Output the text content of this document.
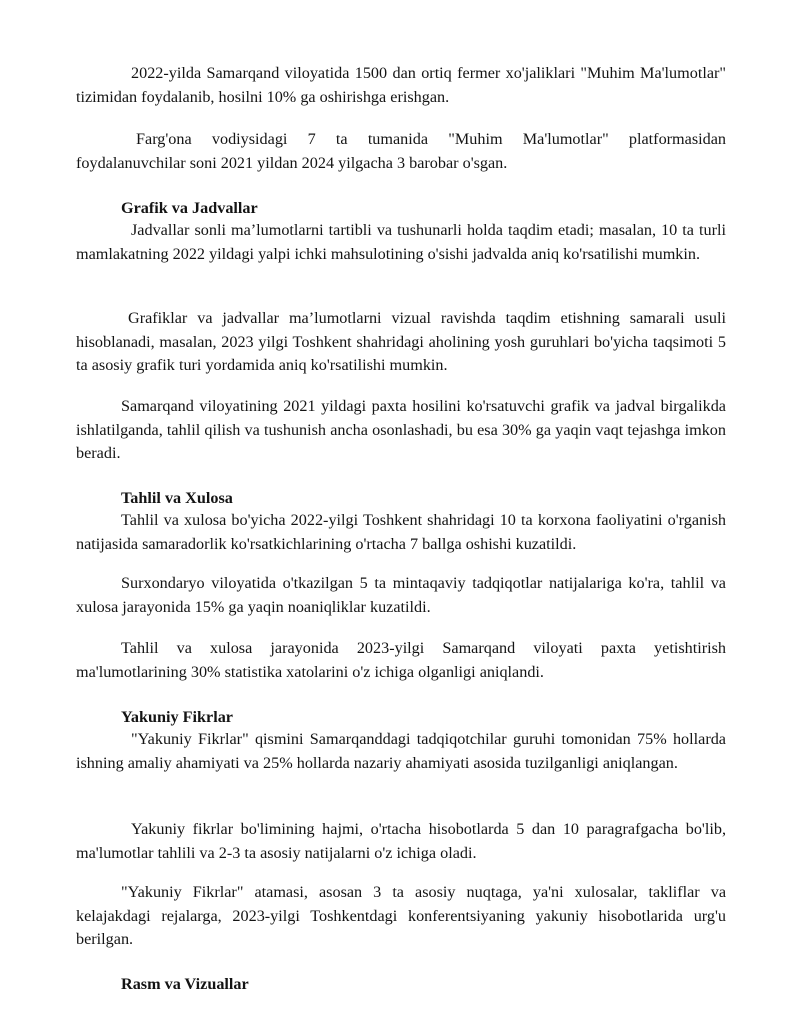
2022-yilda Samarqand viloyatida 1500 dan ortiq fermer xo'jaliklari "Muhim Ma'lumotlar" tizimidan foydalanib, hosilni 10% ga oshirishga erishgan.

Farg'ona vodiysidagi 7 ta tumanida "Muhim Ma'lumotlar" platformasidan foydalanuvchilar soni 2021 yildan 2024 yilgacha 3 barobar o'sgan.

Grafik va Jadvallar

Jadvallar sonli ma’lumotlarni tartibli va tushunarli holda taqdim etadi; masalan, 10 ta turli mamlakatning 2022 yildagi yalpi ichki mahsulotining o'sishi jadvalda aniq ko'rsatilishi mumkin.

Grafiklar va jadvallar ma’lumotlarni vizual ravishda taqdim etishning samarali usuli hisoblanadi, masalan, 2023 yilgi Toshkent shahridagi aholining yosh guruhlari bo'yicha taqsimoti 5 ta asosiy grafik turi yordamida aniq ko'rsatilishi mumkin.

Samarqand viloyatining 2021 yildagi paxta hosilini ko'rsatuvchi grafik va jadval birgalikda ishlatilganda, tahlil qilish va tushunish ancha osonlashadi, bu esa 30% ga yaqin vaqt tejashga imkon beradi.

Tahlil va Xulosa

Tahlil va xulosa bo'yicha 2022-yilgi Toshkent shahridagi 10 ta korxona faoliyatini o'rganish natijasida samaradorlik ko'rsatkichlarining o'rtacha 7 ballga oshishi kuzatildi.

Surxondaryo viloyatida o'tkazilgan 5 ta mintaqaviy tadqiqotlar natijalariga ko'ra, tahlil va xulosa jarayonida 15% ga yaqin noaniqliklar kuzatildi.

Tahlil va xulosa jarayonida 2023-yilgi Samarqand viloyati paxta yetishtirish ma'lumotlarining 30% statistika xatolarini o'z ichiga olganligi aniqlandi.

Yakuniy Fikrlar

"Yakuniy Fikrlar" qismini Samarqanddagi tadqiqotchilar guruhi tomonidan 75% hollarda ishning amaliy ahamiyati va 25% hollarda nazariy ahamiyati asosida tuzilganligi aniqlangan.

Yakuniy fikrlar bo'limining hajmi, o'rtacha hisobotlarda 5 dan 10 paragrafgacha bo'lib, ma'lumotlar tahlili va 2-3 ta asosiy natijalarni o'z ichiga oladi.

"Yakuniy Fikrlar" atamasi, asosan 3 ta asosiy nuqtaga, ya'ni xulosalar, takliflar va kelajakdagi rejalarga, 2023-yilgi Toshkentdagi konferentsiyaning yakuniy hisobotlarida urg'u berilgan.

Rasm va Vizuallar
